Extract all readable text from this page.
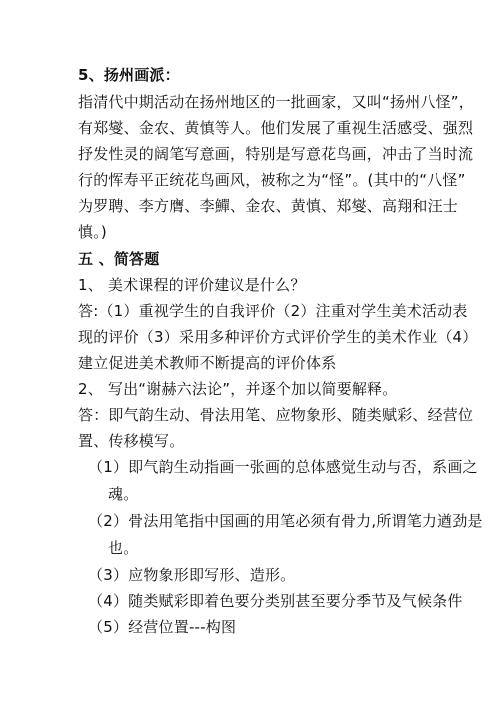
5、扬州画派：
指清代中期活动在扬州地区的一批画家，又叫“扬州八怪”，
有郑燮、金农、黄慎等人。他们发展了重视生活感受、强烈
抒发性灵的阔笔写意画，特别是写意花鸟画，冲击了当时流
行的恽寿平正统花鸟画风，被称之为“怪”。(其中的“八怪”
为罗聘、李方膺、李鱓、金农、黄慎、郑燮、高翔和汪士
慎。)
五 、简答题
1、 美术课程的评价建议是什么？
答:（1）重视学生的自我评价（2）注重对学生美术活动表
现的评价（3）采用多种评价方式评价学生的美术作业（4）
建立促进美术教师不断提高的评价体系
2、 写出“谢赫六法论”，并逐个加以简要解释。
答：即气韵生动、骨法用笔、应物象形、随类赋彩、经营位
置、传移模写。
（1）即气韵生动指画一张画的总体感觉生动与否，系画之
魂。
（2）骨法用笔指中国画的用笔必须有骨力,所谓笔力遒劲是
也。
（3）应物象形即写形、造形。
（4）随类赋彩即着色要分类别甚至要分季节及气候条件
（5）经营位置---构图
